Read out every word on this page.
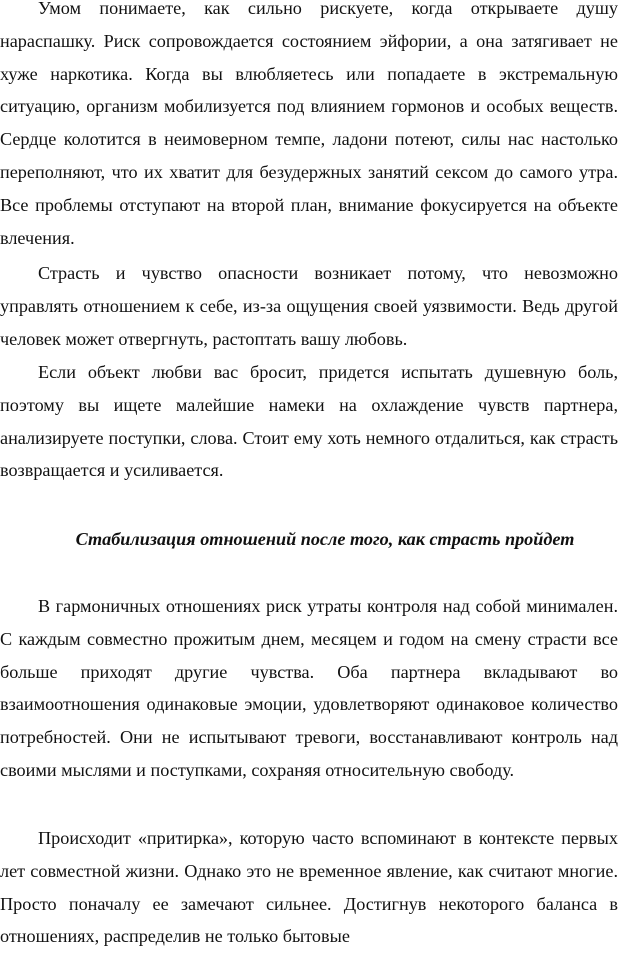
Умом понимаете, как сильно рискуете, когда открываете душу нараспашку. Риск сопровождается состоянием эйфории, а она затягивает не хуже наркотика. Когда вы влюбляетесь или попадаете в экстремальную ситуацию, организм мобилизуется под влиянием гормонов и особых веществ. Сердце колотится в неимоверном темпе, ладони потеют, силы нас настолько переполняют, что их хватит для безудержных занятий сексом до самого утра. Все проблемы отступают на второй план, внимание фокусируется на объекте влечения.

Страсть и чувство опасности возникает потому, что невозможно управлять отношением к себе, из-за ощущения своей уязвимости. Ведь другой человек может отвергнуть, растоптать вашу любовь.

Если объект любви вас бросит, придется испытать душевную боль, поэтому вы ищете малейшие намеки на охлаждение чувств партнера, анализируете поступки, слова. Стоит ему хоть немного отдалиться, как страсть возвращается и усиливается.

Стабилизация отношений после того, как страсть пройдет

В гармоничных отношениях риск утраты контроля над собой минимален. С каждым совместно прожитым днем, месяцем и годом на смену страсти все больше приходят другие чувства. Оба партнера вкладывают во взаимоотношения одинаковые эмоции, удовлетворяют одинаковое количество потребностей. Они не испытывают тревоги, восстанавливают контроль над своими мыслями и поступками, сохраняя относительную свободу.

Происходит «притирка», которую часто вспоминают в контексте первых лет совместной жизни. Однако это не временное явление, как считают многие. Просто поначалу ее замечают сильнее. Достигнув некоторого баланса в отношениях, распределив не только бытовые
